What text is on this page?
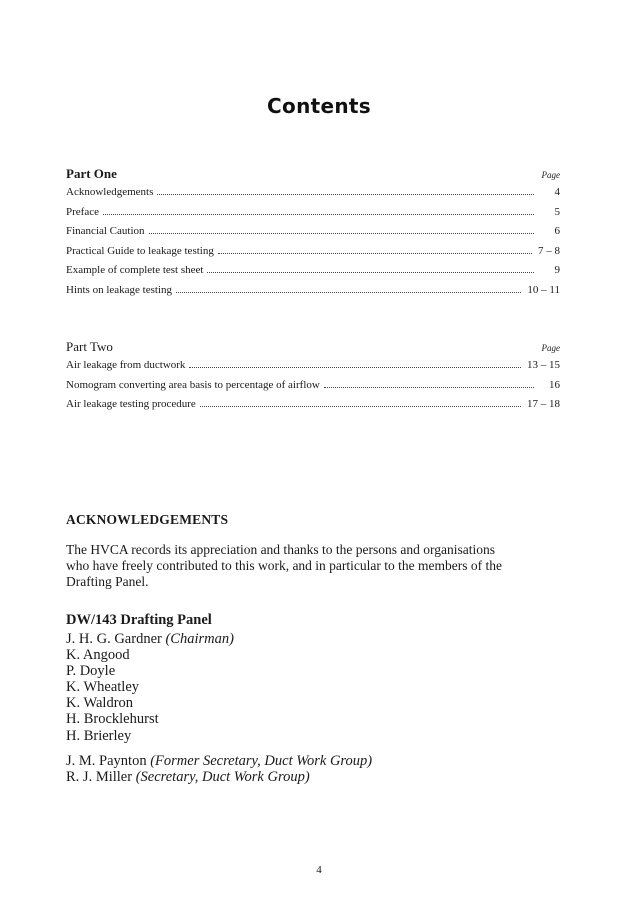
Contents
Part One	Page
Acknowledgements	4
Preface	5
Financial Caution	6
Practical Guide to leakage testing	7 – 8
Example of complete test sheet	9
Hints on leakage testing	10 – 11
Part Two	Page
Air leakage from ductwork	13 – 15
Nomogram converting area basis to percentage of airflow	16
Air leakage testing procedure	17 – 18
ACKNOWLEDGEMENTS

The HVCA records its appreciation and thanks to the persons and organisations who have freely contributed to this work, and in particular to the members of the Drafting Panel.

DW/143 Drafting Panel
J. H. G. Gardner (Chairman)
K. Angood
P. Doyle
K. Wheatley
K. Waldron
H. Brocklehurst
H. Brierley
J. M. Paynton (Former Secretary, Duct Work Group)
R. J. Miller (Secretary, Duct Work Group)
4
